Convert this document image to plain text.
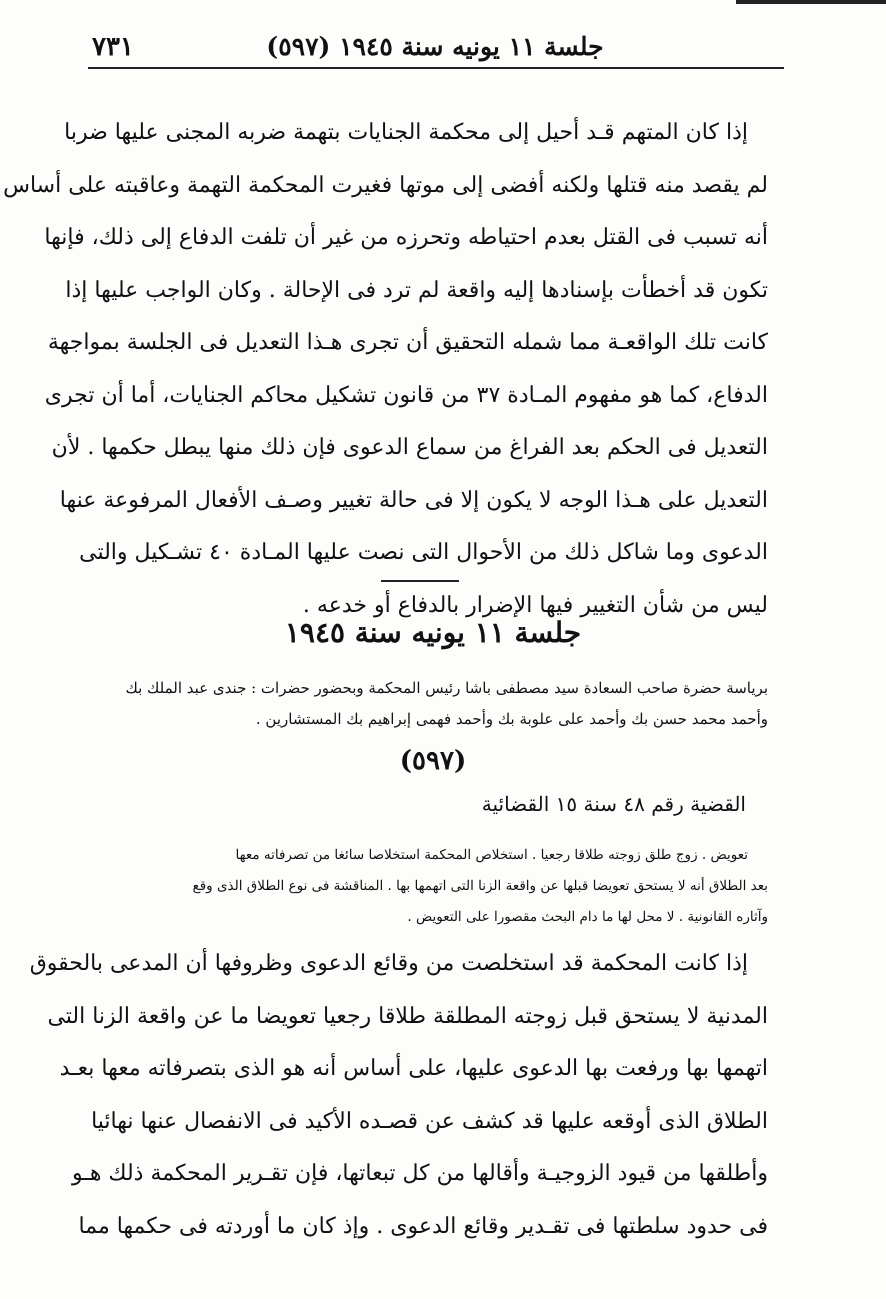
جلسة ١١ يونيه سنة ١٩٤٥ (٥٩٧)
٧٣١
إذا كان المتهم قـد أحيل إلى محكمة الجنايات بتهمة ضربه المجنى عليها ضربا
لم يقصد منه قتلها ولكنه أفضى إلى موتها فغيرت المحكمة التهمة وعاقبته على أساس
أنه تسبب فى القتل بعدم احتياطه وتحرزه من غير أن تلفت الدفاع إلى ذلك، فإنها
تكون قد أخطأت بإسنادها إليه واقعة لم ترد فى الإحالة . وكان الواجب عليها إذا
كانت تلك الواقعـة مما شمله التحقيق أن تجرى هـذا التعديل فى الجلسة بمواجهة
الدفاع، كما هو مفهوم المـادة ٣٧ من قانون تشكيل محاكم الجنايات، أما أن تجرى
التعديل فى الحكم بعد الفراغ من سماع الدعوى فإن ذلك منها يبطل حكمها . لأن
التعديل على هـذا الوجه لا يكون إلا فى حالة تغيير وصـف الأفعال المرفوعة عنها
الدعوى وما شاكل ذلك من الأحوال التى نصت عليها المـادة ٤٠ تشـكيل والتى
ليس من شأن التغيير فيها الإضرار بالدفاع أو خدعه .
جلسة ١١ يونيه سنة ١٩٤٥
برياسة حضرة صاحب السعادة سيد مصطفى باشا رئيس المحكمة وبحضور حضرات : جندى عبد الملك بك
وأحمد محمد حسن بك وأحمد على علوبة بك وأحمد فهمى إبراهيم بك المستشارين .
(٥٩٧)
القضية رقم ٤٨ سنة ١٥ القضائية
تعويض . زوج طلق زوجته طلاقا رجعيا . استخلاص المحكمة استخلاصا سائغا من تصرفاته معها
بعد الطلاق أنه لا يستحق تعويضا قبلها عن واقعة الزنا التى اتهمها بها . المناقشة فى نوع الطلاق الذى وقع
وآثاره القانونية . لا محل لها ما دام البحث مقصورا على التعويض .
إذا كانت المحكمة قد استخلصت من وقائع الدعوى وظروفها أن المدعى بالحقوق
المدنية لا يستحق قبل زوجته المطلقة طلاقا رجعيا تعويضا ما عن واقعة الزنا التى
اتهمها بها ورفعت بها الدعوى عليها، على أساس أنه هو الذى بتصرفاته معها بعـد
الطلاق الذى أوقعه عليها قد كشف عن قصـده الأكيد فى الانفصال عنها نهائيا
وأطلقها من قيود الزوجيـة وأقالها من كل تبعاتها، فإن تقـرير المحكمة ذلك هـو
فى حدود سلطتها فى تقـدير وقائع الدعوى . وإذ كان ما أوردته فى حكمها مما
